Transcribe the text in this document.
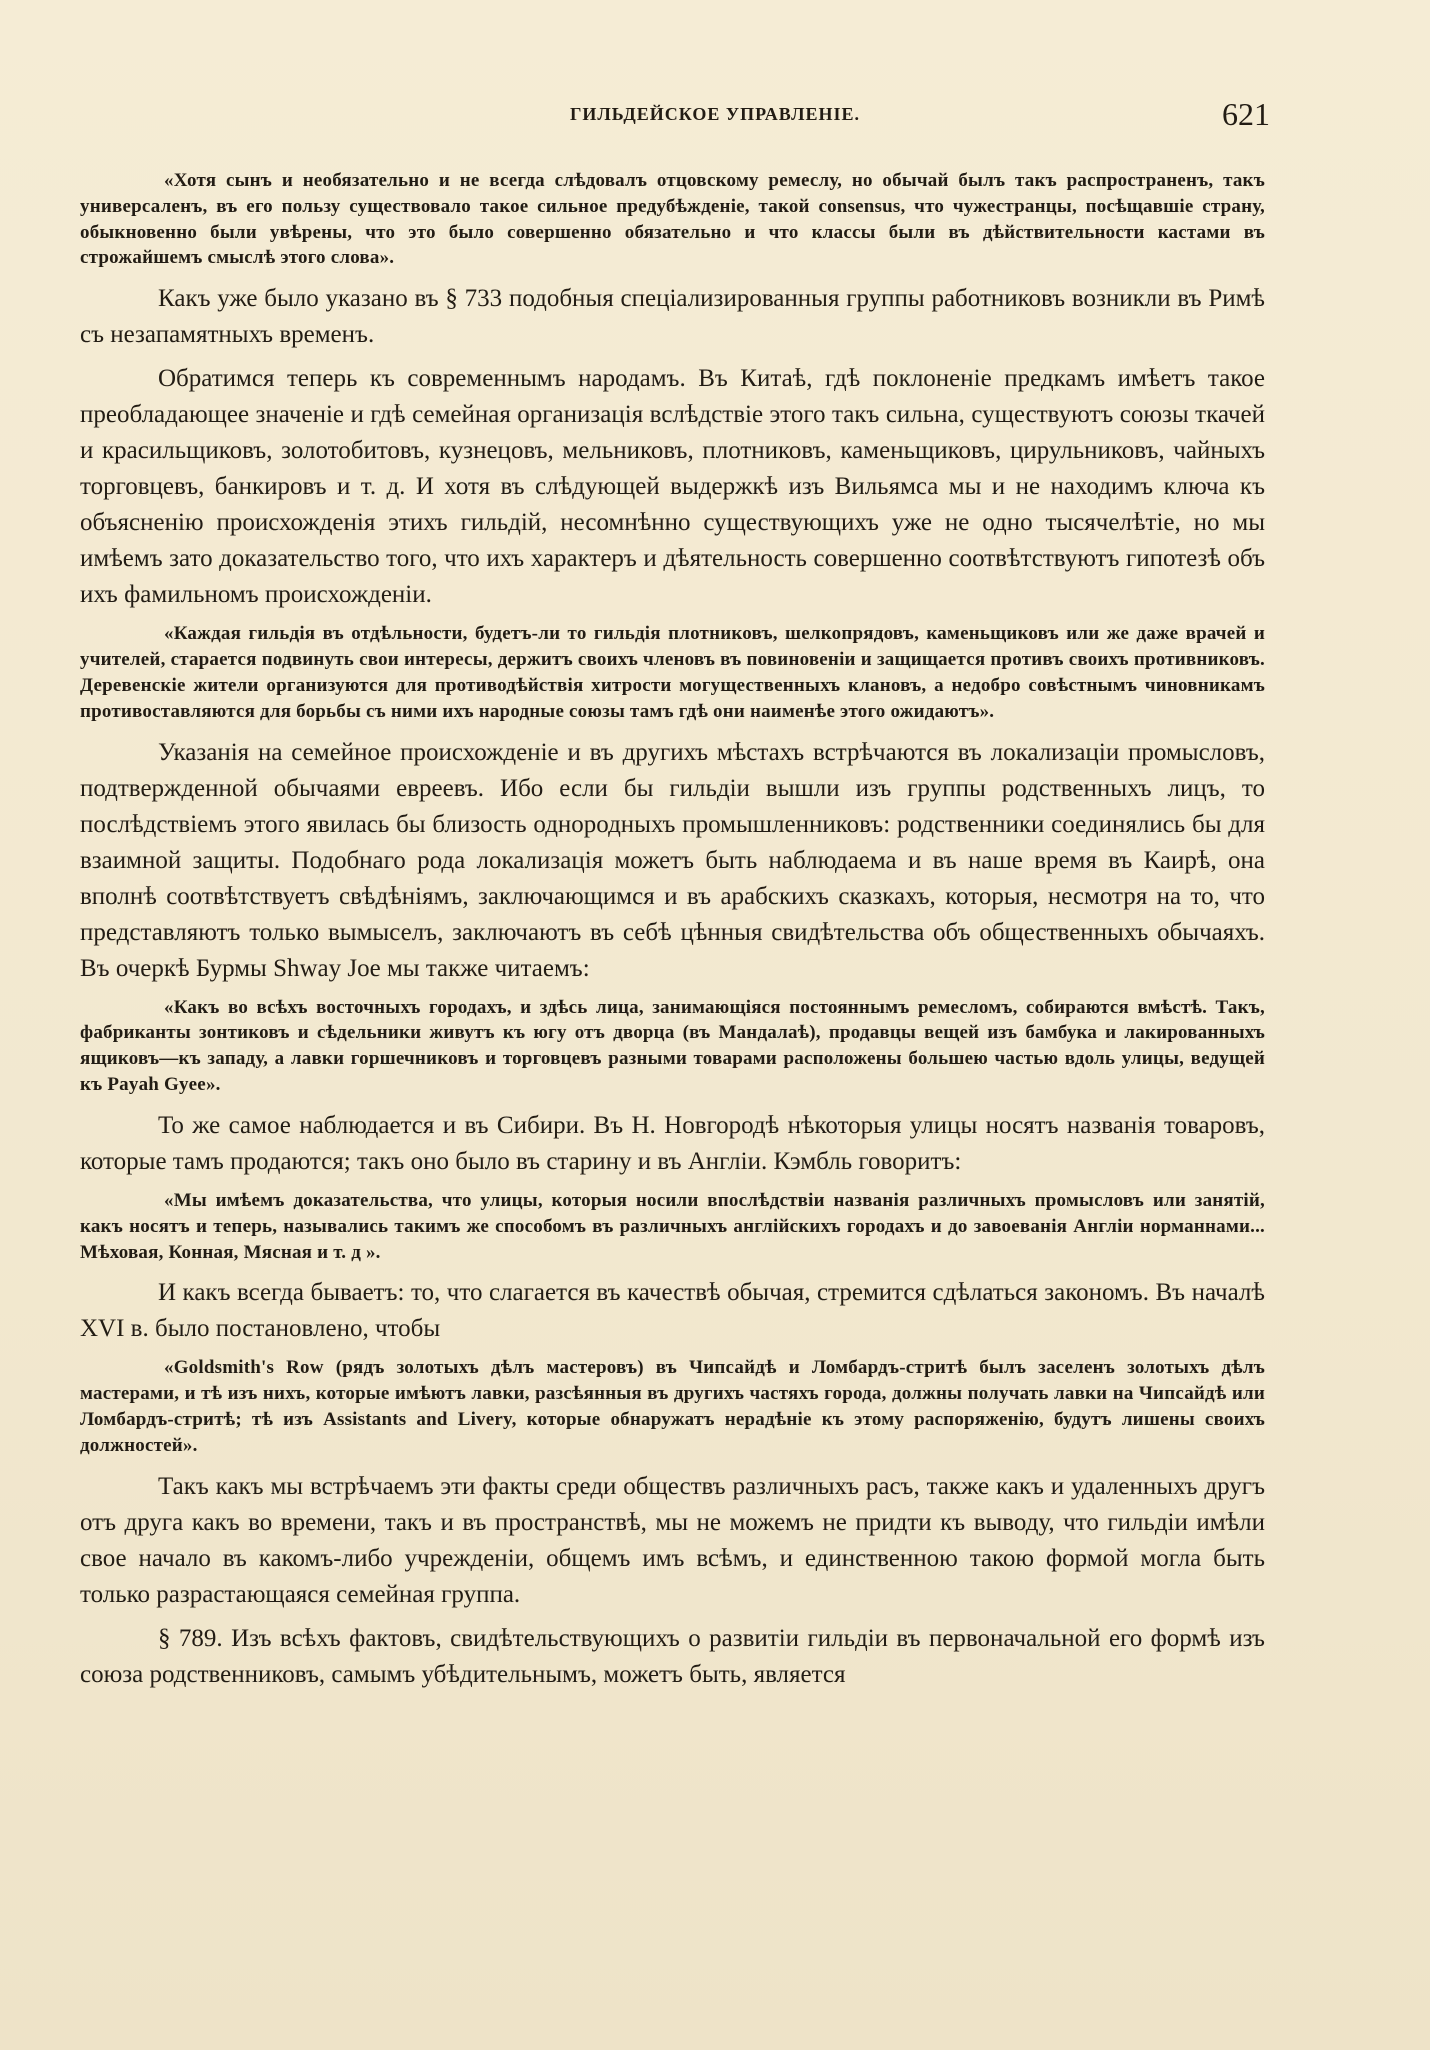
ГИЛЬДЕЙСКОЕ УПРАВЛЕНІЕ.	621

«Хотя сынъ и необязательно и не всегда слѣдовалъ отцовскому ремеслу, но обычай былъ такъ распространенъ, такъ универсаленъ, въ его пользу существовало такое сильное предубѣжденіе, такой consensus, что чужестранцы, посѣщавшіе страну, обыкновенно были увѣрены, что это было совершенно обязательно и что классы были въ дѣйствительности кастами въ строжайшемъ смыслѣ этого слова».

Какъ уже было указано въ § 733 подобныя спеціализированныя группы работниковъ возникли въ Римѣ съ незапамятныхъ временъ.

Обратимся теперь къ современнымъ народамъ. Въ Китаѣ, гдѣ поклоненіе предкамъ имѣетъ такое преобладающее значеніе и гдѣ семейная организація вслѣдствіе этого такъ сильна, существуютъ союзы ткачей и красильщиковъ, золотобитовъ, кузнецовъ, мельниковъ, плотниковъ, каменьщиковъ, цирульниковъ, чайныхъ торговцевъ, банкировъ и т. д. И хотя въ слѣдующей выдержкѣ изъ Вильямса мы и не находимъ ключа къ объясненію происхожденія этихъ гильдій, несомнѣнно существующихъ уже не одно тысячелѣтіе, но мы имѣемъ зато доказательство того, что ихъ характеръ и дѣятельность совершенно соотвѣтствуютъ гипотезѣ объ ихъ фамильномъ происхожденіи.

«Каждая гильдія въ отдѣльности, будетъ-ли то гильдія плотниковъ, шелкопрядовъ, каменьщиковъ или же даже врачей и учителей, старается подвинуть свои интересы, держитъ своихъ членовъ въ повиновеніи и защищается противъ своихъ противниковъ. Деревенскіе жители организуются для противодѣйствія хитрости могущественныхъ клановъ, а недобро совѣстнымъ чиновникамъ противоставляются для борьбы съ ними ихъ народные союзы тамъ гдѣ они наименѣе этого ожидаютъ».

Указанія на семейное происхожденіе и въ другихъ мѣстахъ встрѣчаются въ локализаціи промысловъ, подтвержденной обычаями евреевъ. Ибо если бы гильдіи вышли изъ группы родственныхъ лицъ, то послѣдствіемъ этого явилась бы близость однородныхъ промышленниковъ: родственники соединялись бы для взаимной защиты. Подобнаго рода локализація можетъ быть наблюдаема и въ наше время въ Каирѣ, она вполнѣ соотвѣтствуетъ свѣдѣніямъ, заключающимся и въ арабскихъ сказкахъ, которыя, несмотря на то, что представляютъ только вымыселъ, заключаютъ въ себѣ цѣнныя свидѣтельства объ общественныхъ обычаяхъ. Въ очеркѣ Бурмы Shway Joe мы также читаемъ:

«Какъ во всѣхъ восточныхъ городахъ, и здѣсь лица, занимающіяся постояннымъ ремесломъ, собираются вмѣстѣ. Такъ, фабриканты зонтиковъ и сѣдельники живутъ къ югу отъ дворца (въ Мандалаѣ), продавцы вещей изъ бамбука и лакированныхъ ящиковъ—къ западу, а лавки горшечниковъ и торговцевъ разными товарами расположены большею частью вдоль улицы, ведущей къ Payah Gyee».

То же самое наблюдается и въ Сибири. Въ Н. Новгородѣ нѣкоторыя улицы носятъ названія товаровъ, которые тамъ продаются; такъ оно было въ старину и въ Англіи. Кэмбль говоритъ:

«Мы имѣемъ доказательства, что улицы, которыя носили впослѣдствіи названія различныхъ промысловъ или занятій, какъ носятъ и теперь, назывались такимъ же способомъ въ различныхъ англійскихъ городахъ и до завоеванія Англіи норманнами... Мѣховая, Конная, Мясная и т. д ».

И какъ всегда бываетъ: то, что слагается въ качествѣ обычая, стремится сдѣлаться закономъ. Въ началѣ XVI в. было постановлено, чтобы

«Goldsmith's Row (рядъ золотыхъ дѣлъ мастеровъ) въ Чипсайдѣ и Ломбардъ-стритѣ былъ заселенъ золотыхъ дѣлъ мастерами, и тѣ изъ нихъ, которые имѣютъ лавки, разсѣянныя въ другихъ частяхъ города, должны получать лавки на Чипсайдѣ или Ломбардъ-стритѣ; тѣ изъ Assistants and Livery, которые обнаружатъ нерадѣніе къ этому распоряженію, будутъ лишены своихъ должностей».

Такъ какъ мы встрѣчаемъ эти факты среди обществъ различныхъ расъ, также какъ и удаленныхъ другъ отъ друга какъ во времени, такъ и въ пространствѣ, мы не можемъ не придти къ выводу, что гильдіи имѣли свое начало въ какомъ-либо учрежденіи, общемъ имъ всѣмъ, и единственною такою формой могла быть только разрастающаяся семейная группа.

§ 789. Изъ всѣхъ фактовъ, свидѣтельствующихъ о развитіи гильдіи въ первоначальной его формѣ изъ союза родственниковъ, самымъ убѣдительнымъ, можетъ быть, является
